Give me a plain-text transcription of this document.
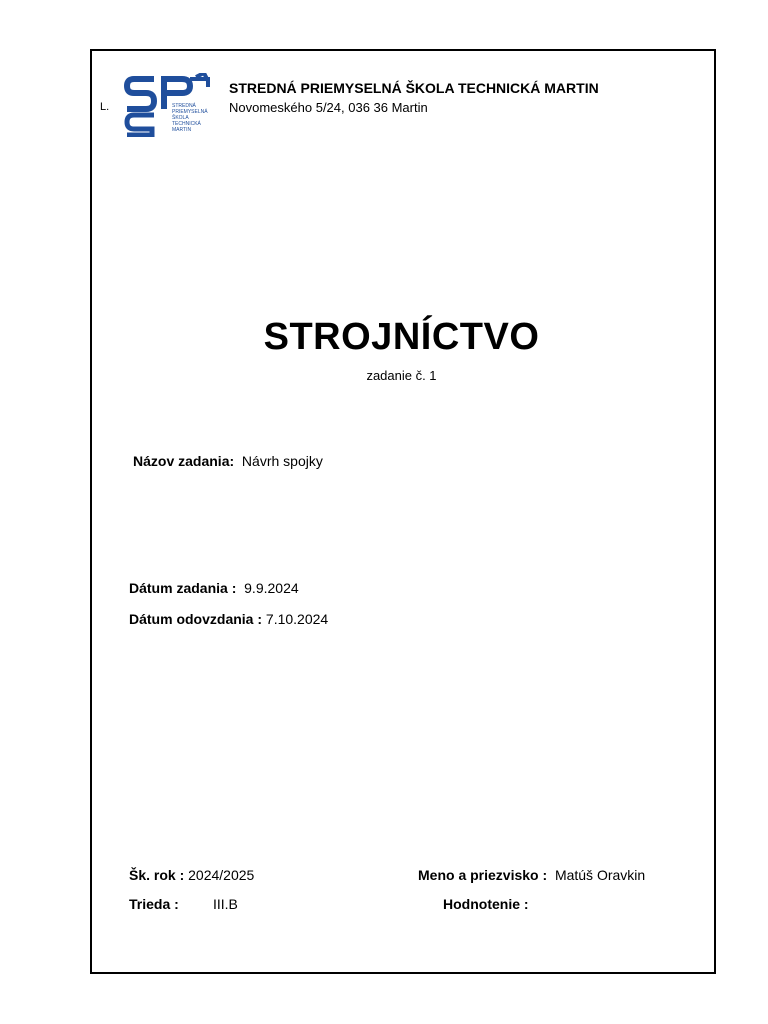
L.	STREDNÁ
PRIEMYSELNÁ
ŠKOLA
TECHNICKÁ
MARTIN
STREDNÁ PRIEMYSELNÁ ŠKOLA TECHNICKÁ MARTIN
Novomeského 5/24, 036 36 Martin
STROJNÍCTVO
zadanie č. 1
Názov zadania: Návrh spojky
Dátum zadania : 9.9.2024
Dátum odovzdania : 7.10.2024
Šk. rok : 2024/2025
Trieda : III.B
Meno a priezvisko : Matúš Oravkin
Hodnotenie :
